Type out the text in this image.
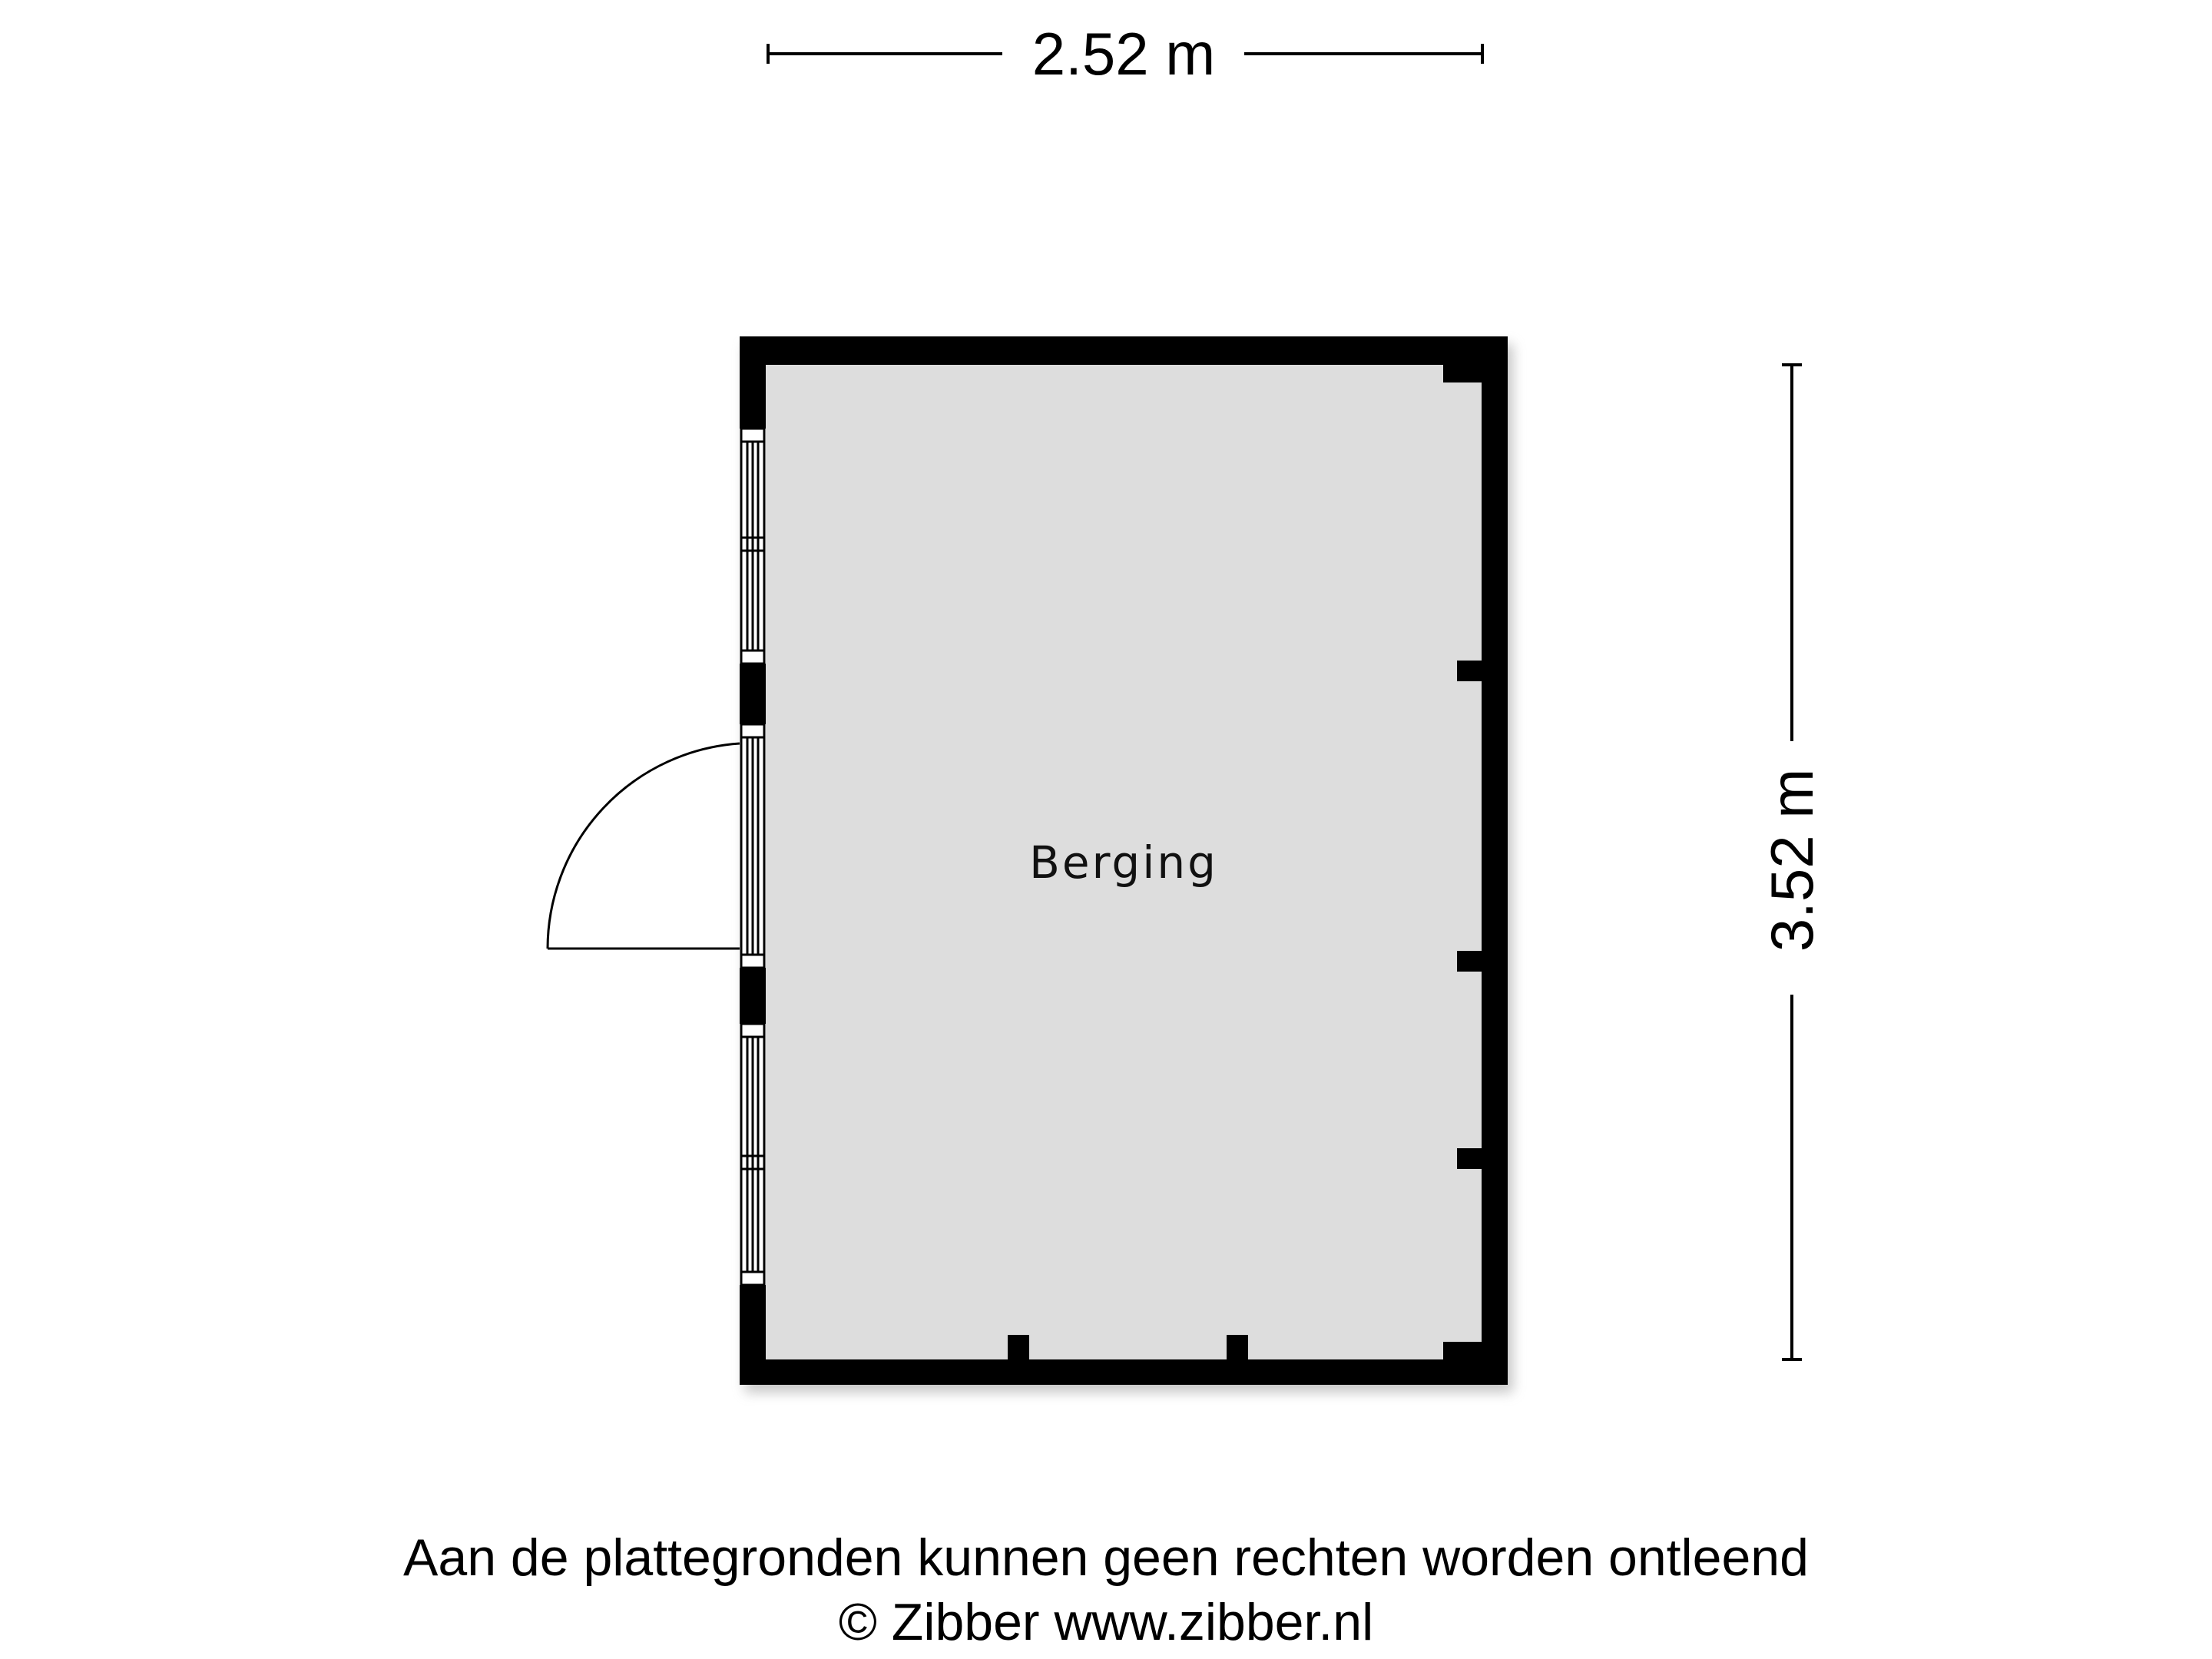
2.52 m
3.52 m
Berging
Aan de plattegronden kunnen geen rechten worden ontleend
© Zibber www.zibber.nl
